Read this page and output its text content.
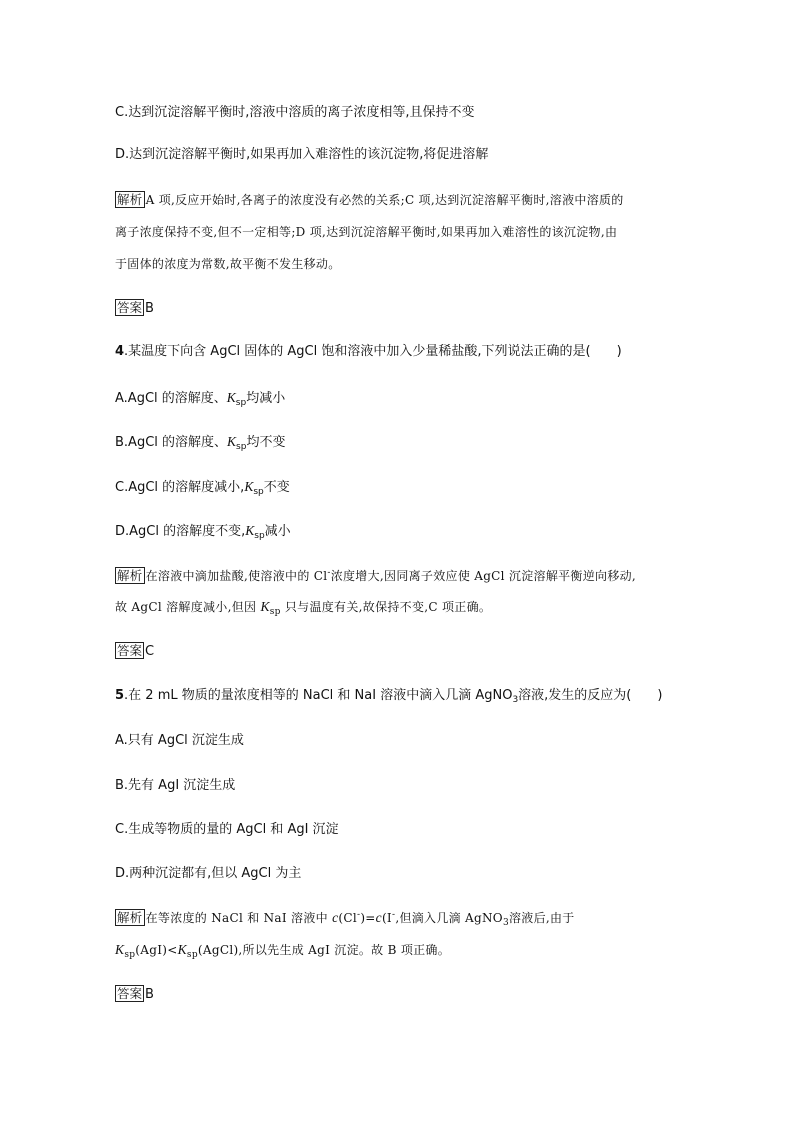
C.达到沉淀溶解平衡时,溶液中溶质的离子浓度相等,且保持不变
D.达到沉淀溶解平衡时,如果再加入难溶性的该沉淀物,将促进溶解
解析 A 项,反应开始时,各离子的浓度没有必然的关系;C 项,达到沉淀溶解平衡时,溶液中溶质的
离子浓度保持不变,但不一定相等;D 项,达到沉淀溶解平衡时,如果再加入难溶性的该沉淀物,由
于固体的浓度为常数,故平衡不发生移动。
答案 B
4.某温度下向含 AgCl 固体的 AgCl 饱和溶液中加入少量稀盐酸,下列说法正确的是(　　)
A.AgCl 的溶解度、$K_{sp}$均减小
B.AgCl 的溶解度、$K_{sp}$均不变
C.AgCl 的溶解度减小$,K_{sp}$不变
D.AgCl 的溶解度不变$,K_{sp}$减小
解析 在溶液中滴加盐酸,使溶液中的 Cl-浓度增大,因同离子效应使 AgCl 沉淀溶解平衡逆向移动,
故 AgCl 溶解度减小,但因 $K_{sp}$ 只与温度有关,故保持不变,C 项正确。
答案 C
5.在 2 mL 物质的量浓度相等的 NaCl 和 NaI 溶液中滴入几滴 AgNO$_3$溶液,发生的反应为(　　)
A.只有 AgCl 沉淀生成
B.先有 AgI 沉淀生成
C.生成等物质的量的 AgCl 和 AgI 沉淀
D.两种沉淀都有,但以 AgCl 为主
解析 在等浓度的 NaCl 和 NaI 溶液中 c(Cl-)=c(I-,但滴入几滴 AgNO$_3$溶液后,由于
$K_{sp}(AgI)<K_{sp}(AgCl)$,所以先生成 AgI 沉淀。故 B 项正确。
答案 B
